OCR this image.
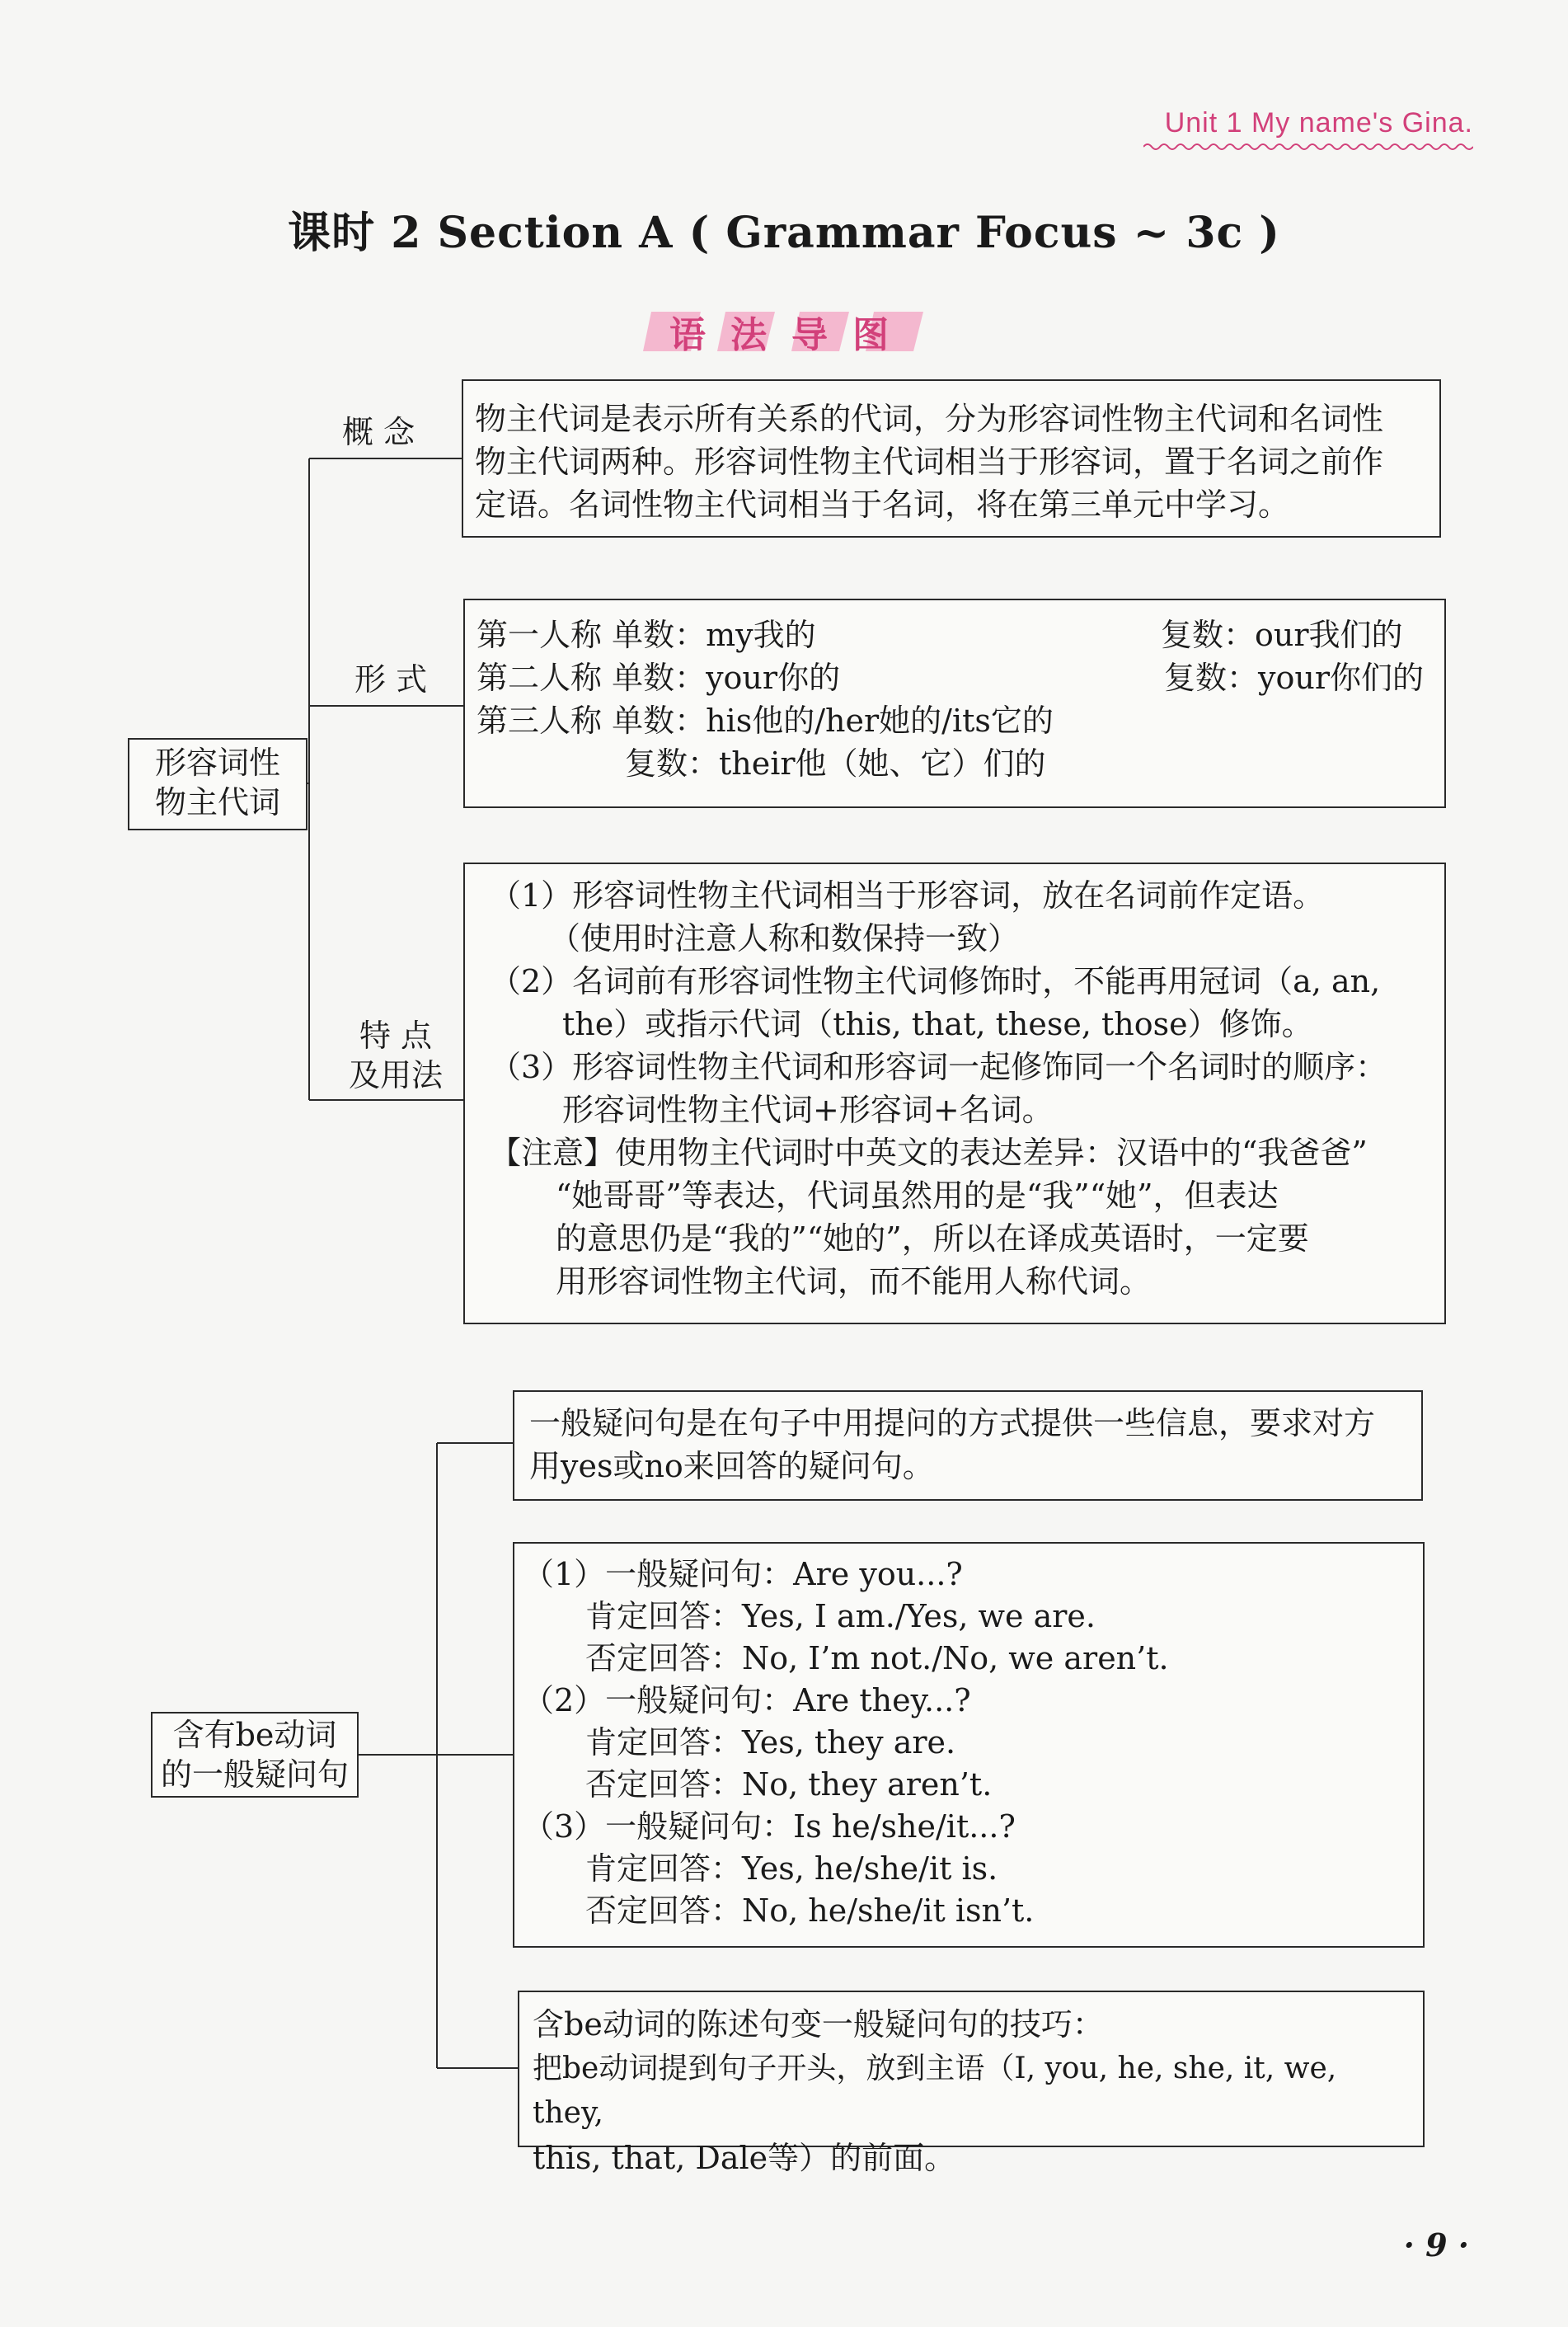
Unit 1 My name's Gina.
课时 2 Section A ( Grammar Focus ~ 3c )
语法导图
形容词性
物主代词
概 念	物主代词是表示所有关系的代词，分为形容词性物主代词和名词性
物主代词两种。形容词性物主代词相当于形容词，置于名词之前作
定语。名词性物主代词相当于名词，将在第三单元中学习。
形 式
第一人称 单数：my我的	复数：our我们的
第二人称 单数：your你的	复数：your你们的
第三人称 单数：his他的/her她的/its它的
复数：their他（她、它）们的
特 点
及用法
（1）形容词性物主代词相当于形容词，放在名词前作定语。
（使用时注意人称和数保持一致）
（2）名词前有形容词性物主代词修饰时，不能再用冠词（a, an,
the）或指示代词（this, that, these, those）修饰。
（3）形容词性物主代词和形容词一起修饰同一个名词时的顺序：
形容词性物主代词+形容词+名词。
【注意】使用物主代词时中英文的表达差异：汉语中的“我爸爸”
“她哥哥”等表达，代词虽然用的是“我”“她”，但表达
的意思仍是“我的”“她的”，所以在译成英语时，一定要
用形容词性物主代词，而不能用人称代词。
含有be动词
的一般疑问句
一般疑问句是在句子中用提问的方式提供一些信息，要求对方
用yes或no来回答的疑问句。
（1）一般疑问句：Are you...?
肯定回答：Yes, I am./Yes, we are.
否定回答：No, I’m not./No, we aren’t.
（2）一般疑问句：Are they...?
肯定回答：Yes, they are.
否定回答：No, they aren’t.
（3）一般疑问句：Is he/she/it...?
肯定回答：Yes, he/she/it is.
否定回答：No, he/she/it isn’t.
含be动词的陈述句变一般疑问句的技巧：
把be动词提到句子开头，放到主语（I, you, he, she, it, we, they,
this, that, Dale等）的前面。
· 9 ·
